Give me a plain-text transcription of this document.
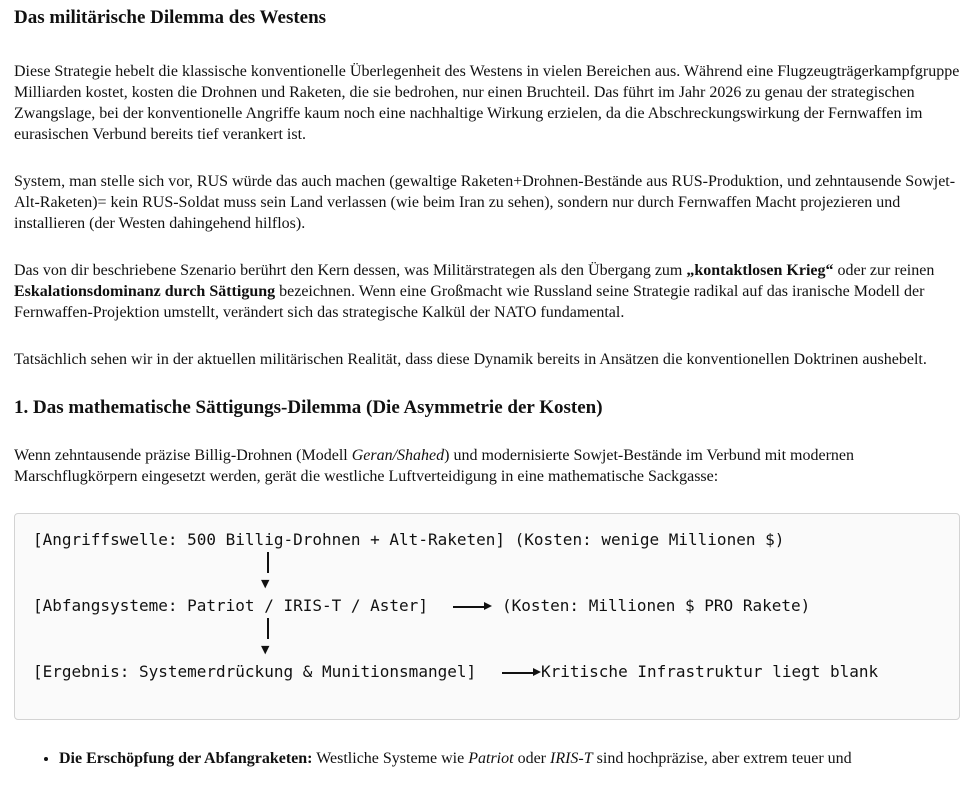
Das militärische Dilemma des Westens

Diese Strategie hebelt die klassische konventionelle Überlegenheit des Westens in vielen Bereichen aus. Während eine Flugzeugträgerkampfgruppe Milliarden kostet, kosten die Drohnen und Raketen, die sie bedrohen, nur einen Bruchteil. Das führt im Jahr 2026 zu genau der strategischen Zwangslage, bei der konventionelle Angriffe kaum noch eine nachhaltige Wirkung erzielen, da die Abschreckungswirkung der Fernwaffen im eurasischen Verbund bereits tief verankert ist.

System, man stelle sich vor, RUS würde das auch machen (gewaltige Raketen+Drohnen-Bestände aus RUS-Produktion, und zehntausende Sowjet-Alt-Raketen)= kein RUS-Soldat muss sein Land verlassen (wie beim Iran zu sehen), sondern nur durch Fernwaffen Macht projezieren und installieren (der Westen dahingehend hilflos).

Das von dir beschriebene Szenario berührt den Kern dessen, was Militärstrategen als den Übergang zum „kontaktlosen Krieg“ oder zur reinen Eskalationsdominanz durch Sättigung bezeichnen. Wenn eine Großmacht wie Russland seine Strategie radikal auf das iranische Modell der Fernwaffen-Projektion umstellt, verändert sich das strategische Kalkül der NATO fundamental.

Tatsächlich sehen wir in der aktuellen militärischen Realität, dass diese Dynamik bereits in Ansätzen die konventionellen Doktrinen aushebelt.

1. Das mathematische Sättigungs-Dilemma (Die Asymmetrie der Kosten)

Wenn zehntausende präzise Billig-Drohnen (Modell Geran/Shahed) und modernisierte Sowjet-Bestände im Verbund mit modernen Marschflugkörpern eingesetzt werden, gerät die westliche Luftverteidigung in eine mathematische Sackgasse:

[Angriffswelle: 500 Billig-Drohnen + Alt-Raketen] (Kosten: wenige Millionen $)
▼
[Abfangsysteme: Patriot / IRIS-T / Aster]	(Kosten: Millionen $ PRO Rakete)
▼
[Ergebnis: Systemerdrückung & Munitionsmangel]	Kritische Infrastruktur liegt blank
• Die Erschöpfung der Abfangraketen: Westliche Systeme wie Patriot oder IRIS-T sind hochpräzise, aber extrem teuer und
